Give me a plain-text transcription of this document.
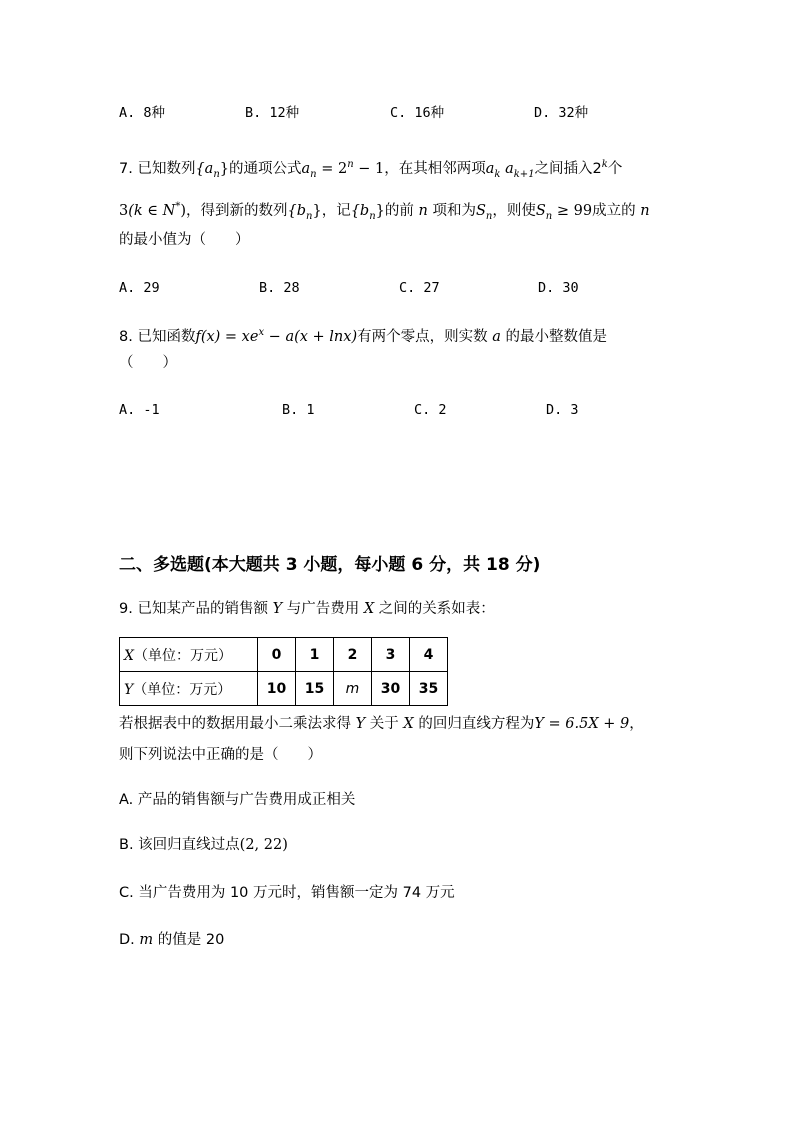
A. 8种	B. 12种	C. 16种	D. 32种
7. 已知数列$\{a_n\}$的通项公式$a_n = 2^n - 1$，在其相邻两项$a_k$ $a_{k+1}$之间插入2$^k$个
3(k ∈ N*)，得到新的数列$\{b_n\}$，记$\{b_n\}$的前 n 项和为$S_n$，则使$S_n \ge 99$成立的 n
的最小值为（　　）
A. 29	B. 28	C. 27	D. 30
8. 已知函数$f(x) = xe^x - a(x + \ln x)$有两个零点，则实数 a 的最小整数值是
（　　）
A. -1	B. 1	C. 2	D. 3
二、多选题(本大题共 3 小题，每小题 6 分，共 18 分)
9. 已知某产品的销售额 Y 与广告费用 X 之间的关系如表：
X（单位：万元）	0	1	2	3	4
Y（单位：万元）	10	15	m	30	35
若根据表中的数据用最小二乘法求得 Y 关于 X 的回归直线方程为Y = 6.5X + 9，
则下列说法中正确的是（　　）
A. 产品的销售额与广告费用成正相关
B. 该回归直线过点(2, 22)
C. 当广告费用为 10 万元时，销售额一定为 74 万元
D. m 的值是 20
